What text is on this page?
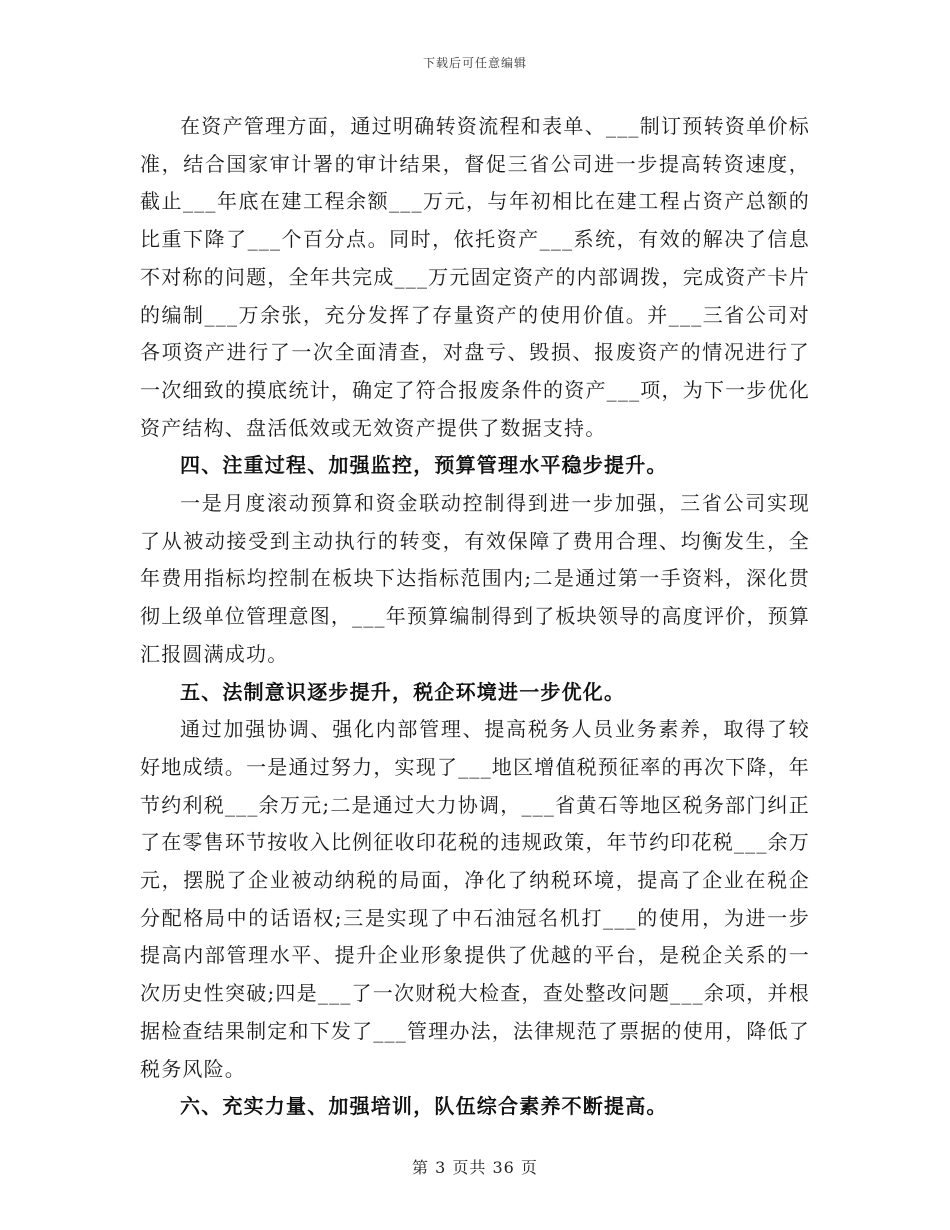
下载后可任意编辑

在资产管理方面，通过明确转资流程和表单、___制订预转资单价标准，结合国家审计署的审计结果，督促三省公司进一步提高转资速度，截止___年底在建工程余额___万元，与年初相比在建工程占资产总额的比重下降了___个百分点。同时，依托资产___系统，有效的解决了信息不对称的问题，全年共完成___万元固定资产的内部调拨，完成资产卡片的编制___万余张，充分发挥了存量资产的使用价值。并___三省公司对各项资产进行了一次全面清查，对盘亏、毁损、报废资产的情况进行了一次细致的摸底统计，确定了符合报废条件的资产___项，为下一步优化资产结构、盘活低效或无效资产提供了数据支持。

四、注重过程、加强监控，预算管理水平稳步提升。

一是月度滚动预算和资金联动控制得到进一步加强，三省公司实现了从被动接受到主动执行的转变，有效保障了费用合理、均衡发生，全年费用指标均控制在板块下达指标范围内;二是通过第一手资料，深化贯彻上级单位管理意图，___年预算编制得到了板块领导的高度评价，预算汇报圆满成功。

五、法制意识逐步提升，税企环境进一步优化。

通过加强协调、强化内部管理、提高税务人员业务素养，取得了较好地成绩。一是通过努力，实现了___地区增值税预征率的再次下降，年节约利税___余万元;二是通过大力协调，___省黄石等地区税务部门纠正了在零售环节按收入比例征收印花税的违规政策，年节约印花税___余万元，摆脱了企业被动纳税的局面，净化了纳税环境，提高了企业在税企分配格局中的话语权;三是实现了中石油冠名机打___的使用，为进一步提高内部管理水平、提升企业形象提供了优越的平台，是税企关系的一次历史性突破;四是___了一次财税大检查，查处整改问题___余项，并根据检查结果制定和下发了___管理办法，法律规范了票据的使用，降低了税务风险。

六、充实力量、加强培训，队伍综合素养不断提高。

第 3 页共 36 页
